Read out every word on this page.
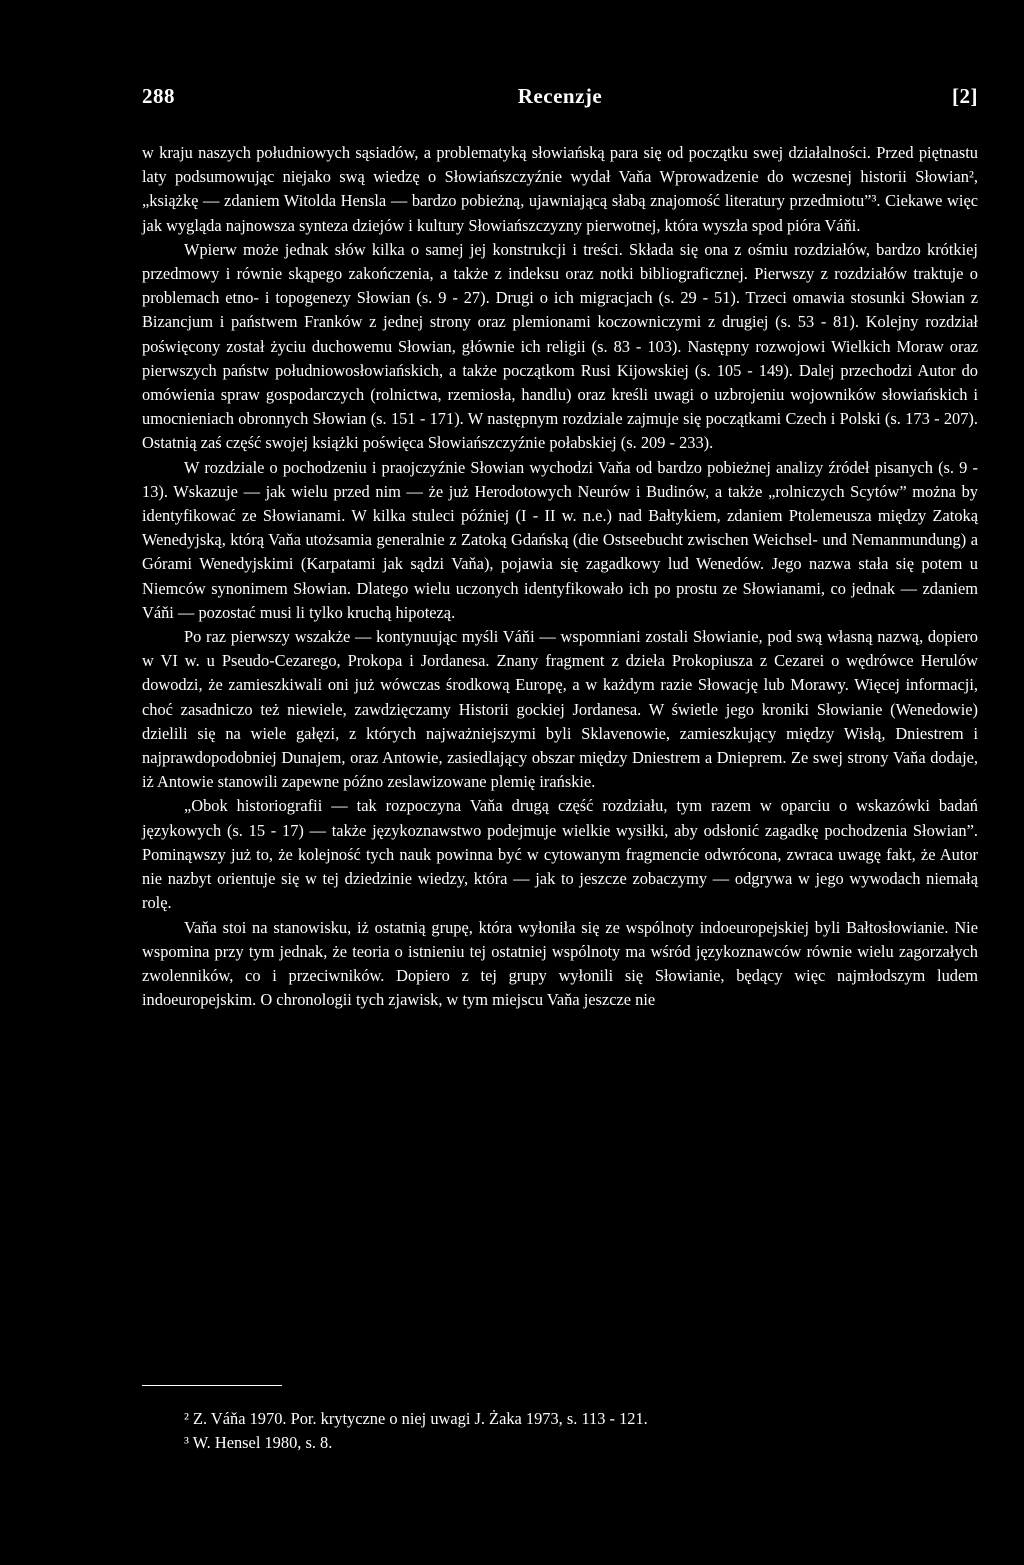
288	Recenzje	[2]

w kraju naszych południowych sąsiadów, a problematyką słowiańską para się od początku swej działalności. Przed piętnastu laty podsumowując niejako swą wiedzę o Słowiańszczyźnie wydał Vaňa Wprowadzenie do wczesnej historii Słowian², „książkę — zdaniem Witolda Hensla — bardzo pobieżną, ujawniającą słabą znajomość literatury przedmiotu”³. Ciekawe więc jak wygląda najnowsza synteza dziejów i kultury Słowiańszczyzny pierwotnej, która wyszła spod pióra Váňi.

Wpierw może jednak słów kilka o samej jej konstrukcji i treści. Składa się ona z ośmiu rozdziałów, bardzo krótkiej przedmowy i równie skąpego zakończenia, a także z indeksu oraz notki bibliograficznej. Pierwszy z rozdziałów traktuje o problemach etno- i topogenezy Słowian (s. 9 - 27). Drugi o ich migracjach (s. 29 - 51). Trzeci omawia stosunki Słowian z Bizancjum i państwem Franków z jednej strony oraz plemionami koczowniczymi z drugiej (s. 53 - 81). Kolejny rozdział poświęcony został życiu duchowemu Słowian, głównie ich religii (s. 83 - 103). Następny rozwojowi Wielkich Moraw oraz pierwszych państw południowosłowiańskich, a także początkom Rusi Kijowskiej (s. 105 - 149). Dalej przechodzi Autor do omówienia spraw gospodarczych (rolnictwa, rzemiosła, handlu) oraz kreśli uwagi o uzbrojeniu wojowników słowiańskich i umocnieniach obronnych Słowian (s. 151 - 171). W następnym rozdziale zajmuje się początkami Czech i Polski (s. 173 - 207). Ostatnią zaś część swojej książki poświęca Słowiańszczyźnie połabskiej (s. 209 - 233).

W rozdziale o pochodzeniu i praojczyźnie Słowian wychodzi Vaňa od bardzo pobieżnej analizy źródeł pisanych (s. 9 - 13). Wskazuje — jak wielu przed nim — że już Herodotowych Neurów i Budinów, a także „rolniczych Scytów” można by identyfikować ze Słowianami. W kilka stuleci później (I - II w. n.e.) nad Bałtykiem, zdaniem Ptolemeusza między Zatoką Wenedyjską, którą Vaňa utożsamia generalnie z Zatoką Gdańską (die Ostseebucht zwischen Weichsel- und Nemanmundung) a Górami Wenedyjskimi (Karpatami jak sądzi Vaňa), pojawia się zagadkowy lud Wenedów. Jego nazwa stała się potem u Niemców synonimem Słowian. Dlatego wielu uczonych identyfikowało ich po prostu ze Słowianami, co jednak — zdaniem Váňi — pozostać musi li tylko kruchą hipotezą.

Po raz pierwszy wszakże — kontynuując myśli Váňi — wspomniani zostali Słowianie, pod swą własną nazwą, dopiero w VI w. u Pseudo-Cezarego, Prokopa i Jordanesa. Znany fragment z dzieła Prokopiusza z Cezarei o wędrówce Herulów dowodzi, że zamieszkiwali oni już wówczas środkową Europę, a w każdym razie Słowację lub Morawy. Więcej informacji, choć zasadniczo też niewiele, zawdzięczamy Historii gockiej Jordanesa. W świetle jego kroniki Słowianie (Wenedowie) dzielili się na wiele gałęzi, z których najważniejszymi byli Sklavenowie, zamieszkujący między Wisłą, Dniestrem i najprawdopodobniej Dunajem, oraz Antowie, zasiedlający obszar między Dniestrem a Dnieprem. Ze swej strony Vaňa dodaje, iż Antowie stanowili zapewne późno zeslawizowane plemię irańskie.

„Obok historiografii — tak rozpoczyna Vaňa drugą część rozdziału, tym razem w oparciu o wskazówki badań językowych (s. 15 - 17) — także językoznawstwo podejmuje wielkie wysiłki, aby odsłonić zagadkę pochodzenia Słowian”. Pominąwszy już to, że kolejność tych nauk powinna być w cytowanym fragmencie odwrócona, zwraca uwagę fakt, że Autor nie nazbyt orientuje się w tej dziedzinie wiedzy, która — jak to jeszcze zobaczymy — odgrywa w jego wywodach niemałą rolę.

Vaňa stoi na stanowisku, iż ostatnią grupę, która wyłoniła się ze wspólnoty indoeuropejskiej byli Bałtosłowianie. Nie wspomina przy tym jednak, że teoria o istnieniu tej ostatniej wspólnoty ma wśród językoznawców równie wielu zagorzałych zwolenników, co i przeciwników. Dopiero z tej grupy wyłonili się Słowianie, będący więc najmłodszym ludem indoeuropejskim. O chronologii tych zjawisk, w tym miejscu Vaňa jeszcze nie

² Z. Váňa 1970. Por. krytyczne o niej uwagi J. Żaka 1973, s. 113 - 121.

³ W. Hensel 1980, s. 8.
